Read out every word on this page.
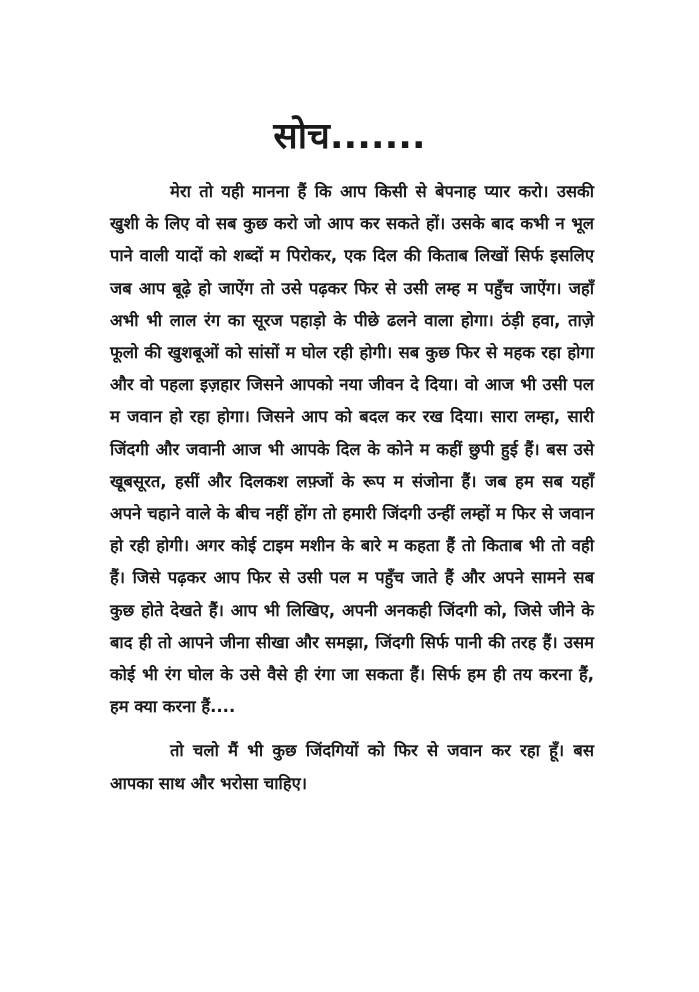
सोच.......

मेरा तो यही मानना हैं कि आप किसी से बेपनाह प्यार करो। उसकी खुशी के लिए वो सब कुछ करो जो आप कर सकते हों। उसके बाद कभी न भूल पाने वाली यादों को शब्दों म पिरोकर, एक दिल की किताब लिखों सिर्फ इसलिए जब आप बूढ़े हो जाऐंग तो उसे पढ़कर फिर से उसी लम्ह म पहुँच जाऐंग। जहाँ अभी भी लाल रंग का सूरज पहाड़ो के पीछे ढलने वाला होगा। ठंड़ी हवा, ताज़े फूलो की खुशबूओं को सांसों म घोल रही होगी। सब कुछ फिर से महक रहा होगा और वो पहला इज़हार जिसने आपको नया जीवन दे दिया। वो आज भी उसी पल म जवान हो रहा होगा। जिसने आप को बदल कर रख दिया। सारा लम्हा, सारी जिंदगी और जवानी आज भी आपके दिल के कोने म कहीं छुपी हुई हैं। बस उसे खूबसूरत, हसीं और दिलकश लफ़्जों के रूप म संजोना हैं। जब हम सब यहाँ अपने चहाने वाले के बीच नहीं होंग तो हमारी जिंदगी उन्हीं लम्हों म फिर से जवान हो रही होगी। अगर कोई टाइम मशीन के बारे म कहता हैं तो किताब भी तो वही हैं। जिसे पढ़कर आप फिर से उसी पल म पहुँच जाते हैं और अपने सामने सब कुछ होते देखते हैं। आप भी लिखिए, अपनी अनकही जिंदगी को, जिसे जीने के बाद ही तो आपने जीना सीखा और समझा, जिंदगी सिर्फ पानी की तरह हैं। उसम कोई भी रंग घोल के उसे वैसे ही रंगा जा सकता हैं। सिर्फ हम ही तय करना हैं, हम क्या करना हैं....

तो चलो मैं भी कुछ जिंदगियों को फिर से जवान कर रहा हूँ। बस आपका साथ और भरोसा चाहिए।
